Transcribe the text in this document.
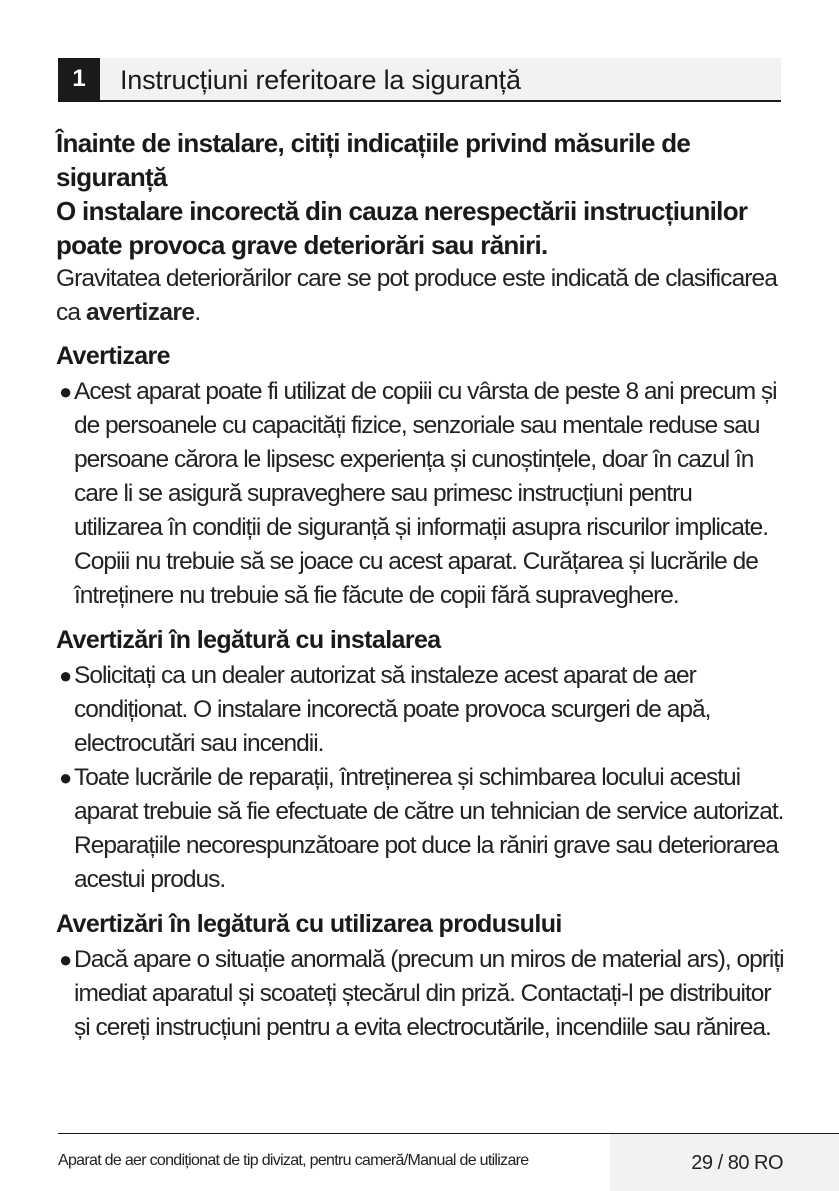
1	Instrucțiuni referitoare la siguranță
Înainte de instalare, citiți indicațiile privind măsurile de siguranță
O instalare incorectă din cauza nerespectării instrucțiunilor poate provoca grave deteriorări sau răniri.

Gravitatea deteriorărilor care se pot produce este indicată de clasificarea ca avertizare.

Avertizare
● Acest aparat poate fi utilizat de copiii cu vârsta de peste 8 ani precum și de persoanele cu capacități fizice, senzoriale sau mentale reduse sau persoane cărora le lipsesc experiența și cunoștințele, doar în cazul în care li se asigură supraveghere sau primesc instrucțiuni pentru utilizarea în condiții de siguranță și informații asupra riscurilor implicate. Copiii nu trebuie să se joace cu acest aparat. Curățarea și lucrările de întreținere nu trebuie să fie făcute de copii fără supraveghere.
Avertizări în legătură cu instalarea
● Solicitați ca un dealer autorizat să instaleze acest aparat de aer condiționat. O instalare incorectă poate provoca scurgeri de apă, electrocutări sau incendii.
● Toate lucrările de reparații, întreținerea și schimbarea locului acestui aparat trebuie să fie efectuate de către un tehnician de service autorizat. Reparațiile necorespunzătoare pot duce la răniri grave sau deteriorarea acestui produs.
Avertizări în legătură cu utilizarea produsului
● Dacă apare o situație anormală (precum un miros de material ars), opriți imediat aparatul și scoateți ștecărul din priză. Contactați-l pe distribuitor și cereți instrucțiuni pentru a evita electrocutările, incendiile sau rănirea.
Aparat de aer condiționat de tip divizat, pentru cameră/Manual de utilizare	29 / 80 RO
